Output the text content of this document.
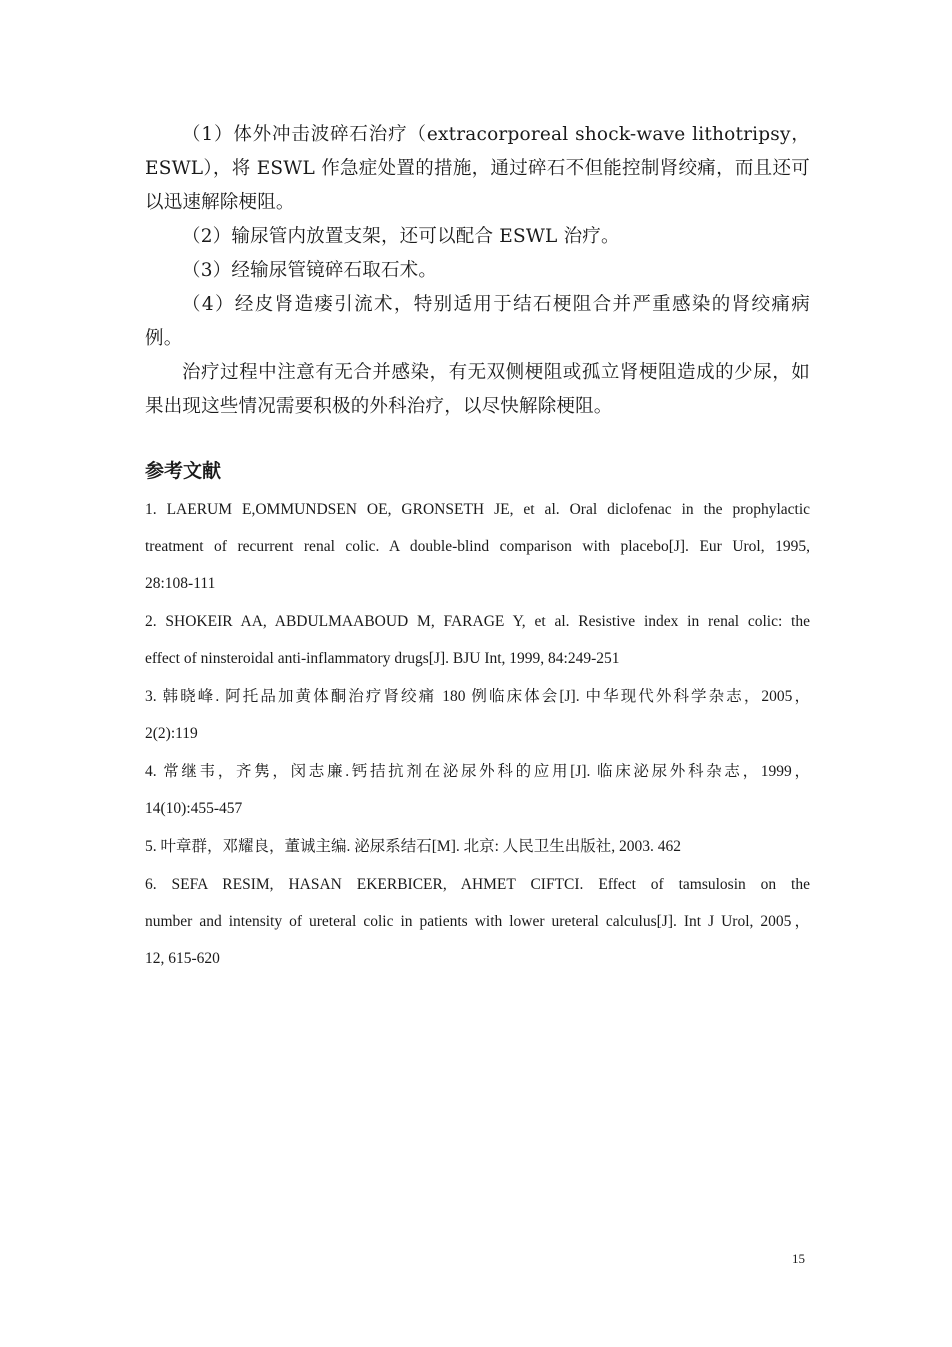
（1）体外冲击波碎石治疗（extracorporeal shock-wave lithotripsy，ESWL），将 ESWL 作急症处置的措施，通过碎石不但能控制肾绞痛，而且还可以迅速解除梗阻。

（2）输尿管内放置支架，还可以配合 ESWL 治疗。

（3）经输尿管镜碎石取石术。

（4）经皮肾造瘘引流术，特别适用于结石梗阻合并严重感染的肾绞痛病例。

治疗过程中注意有无合并感染，有无双侧梗阻或孤立肾梗阻造成的少尿，如果出现这些情况需要积极的外科治疗，以尽快解除梗阻。

参考文献
1. LAERUM E,OMMUNDSEN OE, GRONSETH JE, et al. Oral diclofenac in the prophylactic
treatment of recurrent renal colic. A double-blind comparison with placebo[J]. Eur Urol, 1995,
28:108-111
2. SHOKEIR AA, ABDULMAABOUD M, FARAGE Y, et al. Resistive index in renal colic: the
effect of ninsteroidal anti-inflammatory drugs[J]. BJU Int, 1999, 84:249-251
3. 韩晓峰. 阿托品加黄体酮治疗肾绞痛 180 例临床体会[J]. 中华现代外科学杂志，2005，
2(2):119
4. 常继韦，齐隽，闵志廉.钙拮抗剂在泌尿外科的应用[J]. 临床泌尿外科杂志，1999，
14(10):455-457
5. 叶章群，邓耀良，董诚主编. 泌尿系结石[M]. 北京: 人民卫生出版社, 2003. 462
6. SEFA RESIM, HASAN EKERBICER, AHMET CIFTCI. Effect of tamsulosin on the
number and intensity of ureteral colic in patients with lower ureteral calculus[J]. Int J Urol, 2005，
12, 615-620
15
